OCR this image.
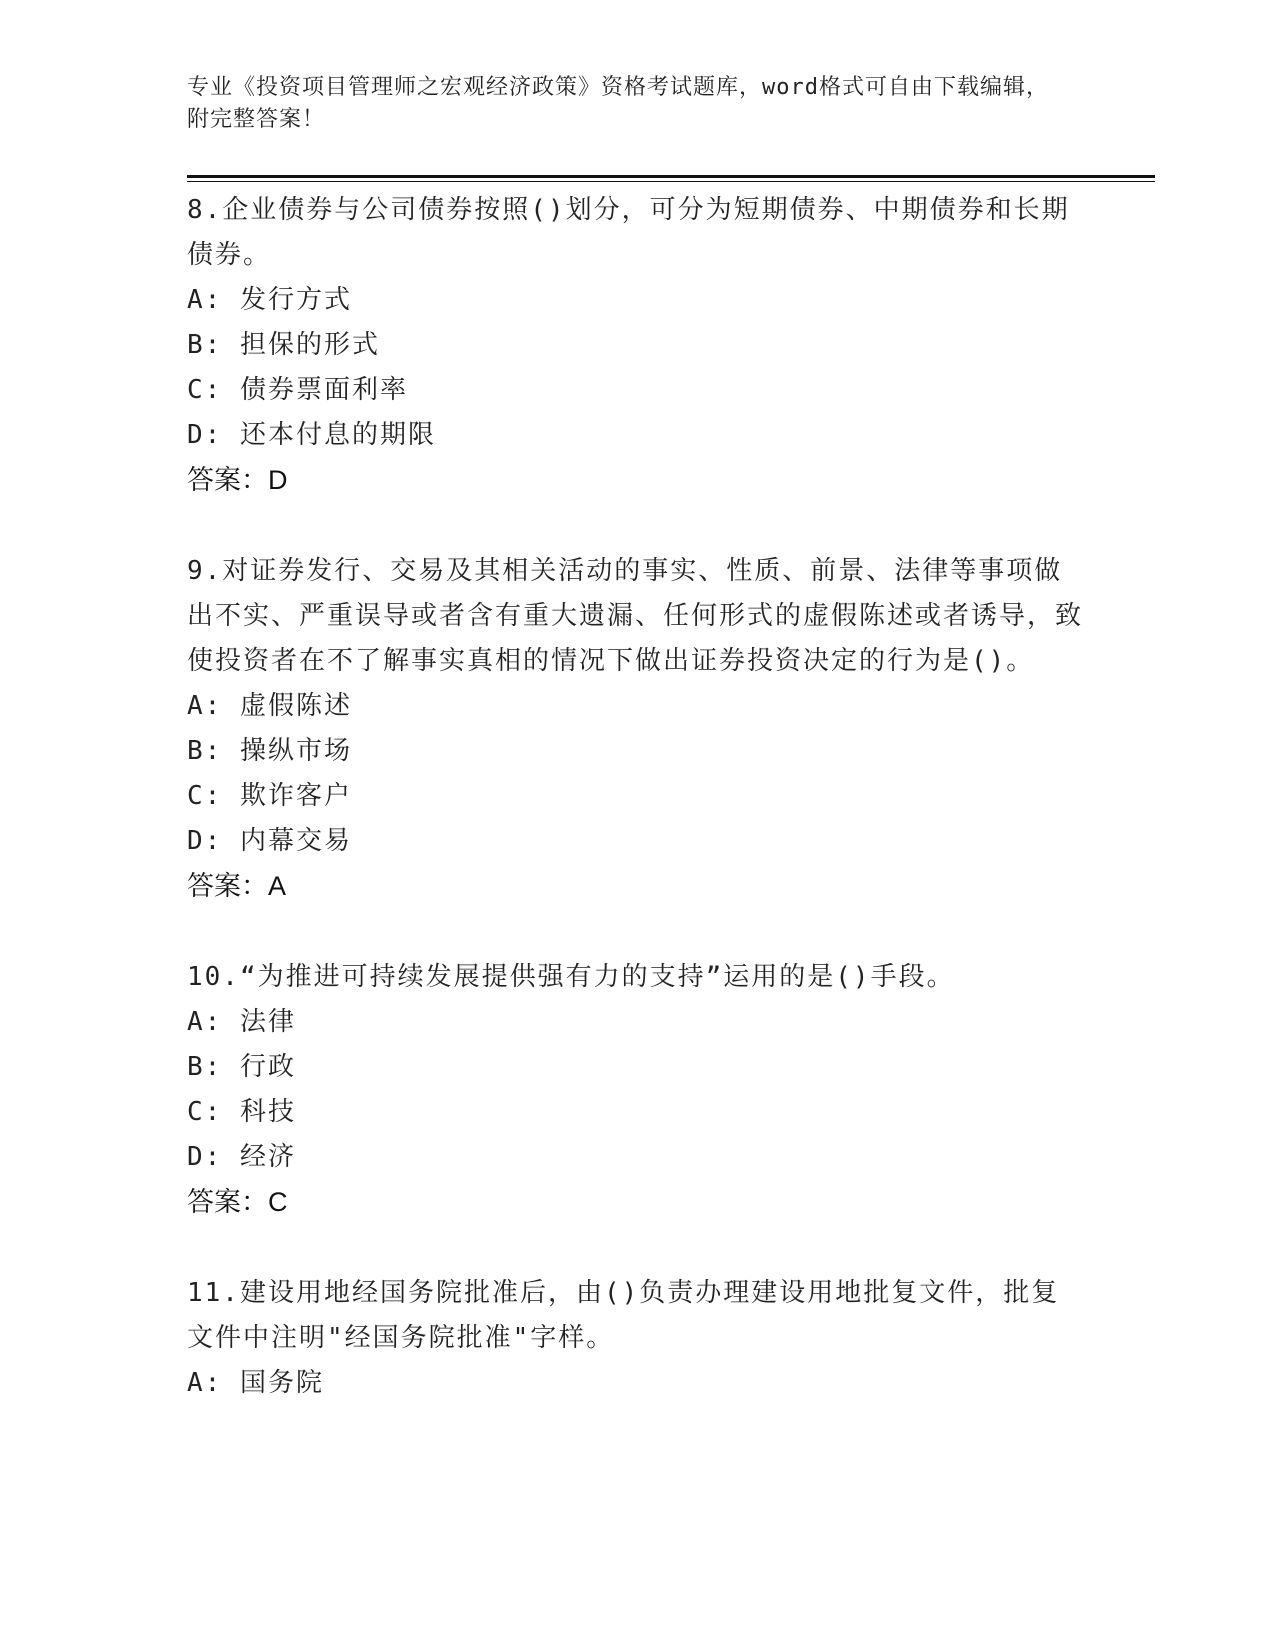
专业《投资项目管理师之宏观经济政策》资格考试题库，word格式可自由下载编辑，附完整答案！

8.企业债券与公司债券按照()划分，可分为短期债券、中期债券和长期债券。

A: 发行方式

B: 担保的形式

C: 债券票面利率

D: 还本付息的期限

答案：D

9.对证券发行、交易及其相关活动的事实、性质、前景、法律等事项做出不实、严重误导或者含有重大遗漏、任何形式的虚假陈述或者诱导，致使投资者在不了解事实真相的情况下做出证券投资决定的行为是()。

A: 虚假陈述

B: 操纵市场

C: 欺诈客户

D: 内幕交易

答案：A

10.“为推进可持续发展提供强有力的支持”运用的是()手段。

A: 法律

B: 行政

C: 科技

D: 经济

答案：C

11.建设用地经国务院批准后，由()负责办理建设用地批复文件，批复文件中注明"经国务院批准"字样。

A: 国务院
